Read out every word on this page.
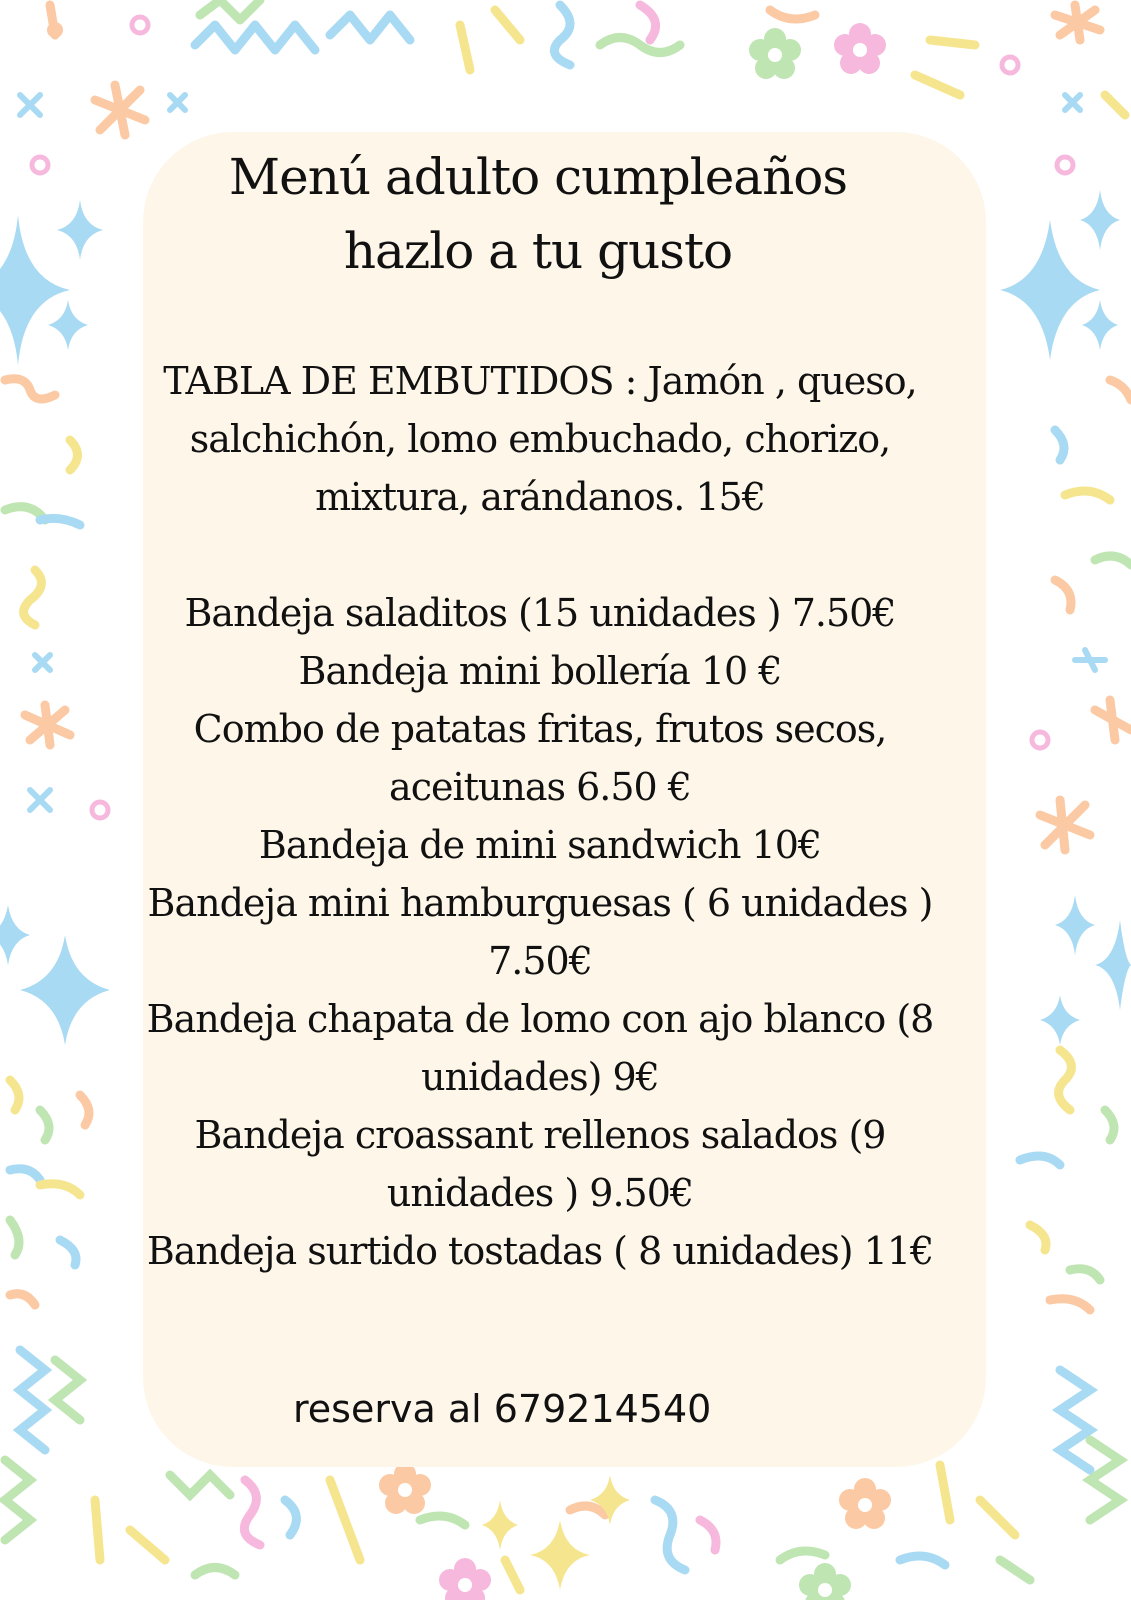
Menú adulto cumpleaños
hazlo a tu gusto
TABLA DE EMBUTIDOS : Jamón , queso,
salchichón, lomo embuchado, chorizo,
mixtura, arándanos. 15€
Bandeja saladitos (15 unidades ) 7.50€
Bandeja mini bollería 10 €
Combo de patatas fritas, frutos secos,
aceitunas 6.50 €
Bandeja de mini sandwich 10€
Bandeja mini hamburguesas ( 6 unidades )
7.50€
Bandeja chapata de lomo con ajo blanco (8
unidades) 9€
Bandeja croassant rellenos salados (9
unidades ) 9.50€
Bandeja surtido tostadas ( 8 unidades) 11€
reserva al 679214540
